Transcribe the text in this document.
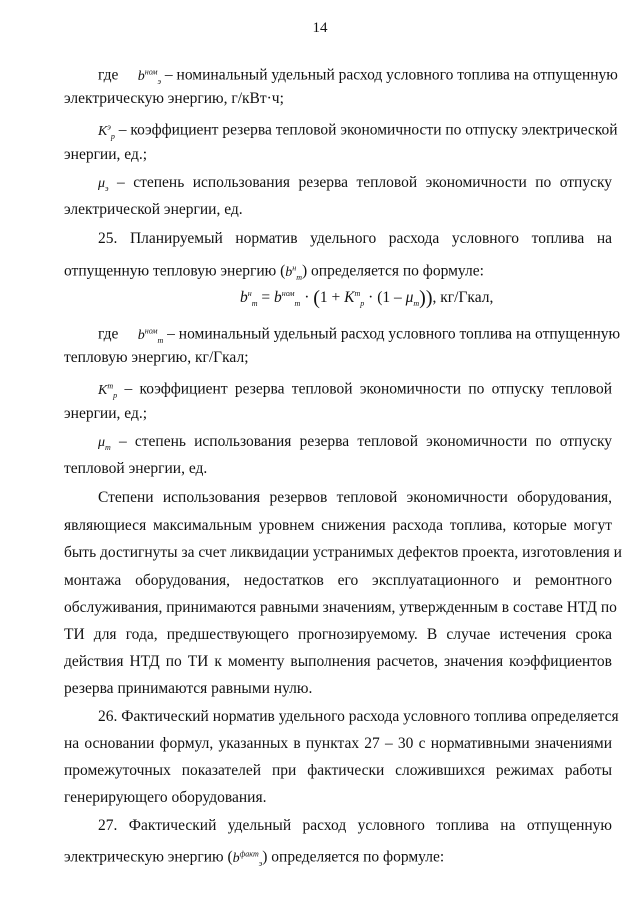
14
где $b^{ном}_э$ – номинальный удельный расход условного топлива на отпущенную
электрическую энергию, г/кВт·ч;
$K^э_р$ – коэффициент резерва тепловой экономичности по отпуску электрической
энергии, ед.;
$\mu_э$ – степень использования резерва тепловой экономичности по отпуску
электрической энергии, ед.
25. Планируемый норматив удельного расхода условного топлива на
отпущенную тепловую энергию $(b^н_т)$ определяется по формуле:
$b^н_т = b^{ном}_т \cdot (1 + K^т_р \cdot (1 - \mu_т))$, кг/Гкал,
где $b^{ном}_т$ – номинальный удельный расход условного топлива на отпущенную
тепловую энергию, кг/Гкал;
$K^т_р$ – коэффициент резерва тепловой экономичности по отпуску тепловой
энергии, ед.;
$\mu_т$ – степень использования резерва тепловой экономичности по отпуску
тепловой энергии, ед.
Степени использования резервов тепловой экономичности оборудования,
являющиеся максимальным уровнем снижения расхода топлива, которые могут
быть достигнуты за счет ликвидации устранимых дефектов проекта, изготовления и
монтажа оборудования, недостатков его эксплуатационного и ремонтного
обслуживания, принимаются равными значениям, утвержденным в составе НТД по
ТИ для года, предшествующего прогнозируемому. В случае истечения срока
действия НТД по ТИ к моменту выполнения расчетов, значения коэффициентов
резерва принимаются равными нулю.
26. Фактический норматив удельного расхода условного топлива определяется
на основании формул, указанных в пунктах 27 – 30 с нормативными значениями
промежуточных показателей при фактически сложившихся режимах работы
генерирующего оборудования.
27. Фактический удельный расход условного топлива на отпущенную
электрическую энергию $(b^{факт}_э)$ определяется по формуле:
